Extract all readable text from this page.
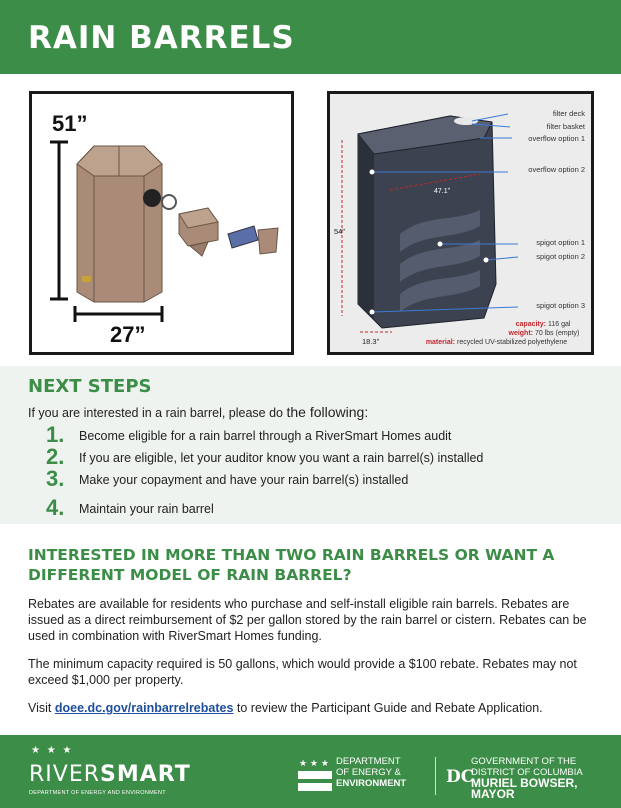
RAIN BARRELS
51”
27”
filter deck
filter basket
overflow option 1
overflow option 2
spigot option 1
spigot option 2
spigot option 3
54ʺ
18.3ʺ
47.1ʺ
capacity: 116 gal
weight: 70 lbs (empty)
material: recycled UV-stabilized polyethylene
NEXT STEPS
If you are interested in a rain barrel, please do the following:
1. Become eligible for a rain barrel through a RiverSmart Homes audit
2. If you are eligible, let your auditor know you want a rain barrel(s) installed
3. Make your copayment and have your rain barrel(s) installed
4. Maintain your rain barrel
INTERESTED IN MORE THAN TWO RAIN BARRELS OR WANT A DIFFERENT MODEL OF RAIN BARREL?
Rebates are available for residents who purchase and self-install eligible rain barrels. Rebates are issued as a direct reimbursement of $2 per gallon stored by the rain barrel or cistern. Rebates can be used in combination with RiverSmart Homes funding.
The minimum capacity required is 50 gallons, which would provide a $100 rebate. Rebates may not exceed $1,000 per property.
Visit doee.dc.gov/rainbarrelrebates to review the Participant Guide and Rebate Application.
★ ★ ★
RIVERSMART
DEPARTMENT OF ENERGY AND ENVIRONMENT
★ ★ ★ DEPARTMENT
OF ENERGY &
ENVIRONMENT DC
GOVERNMENT OF THE
DISTRICT OF COLUMBIA
MURIEL BOWSER, MAYOR
